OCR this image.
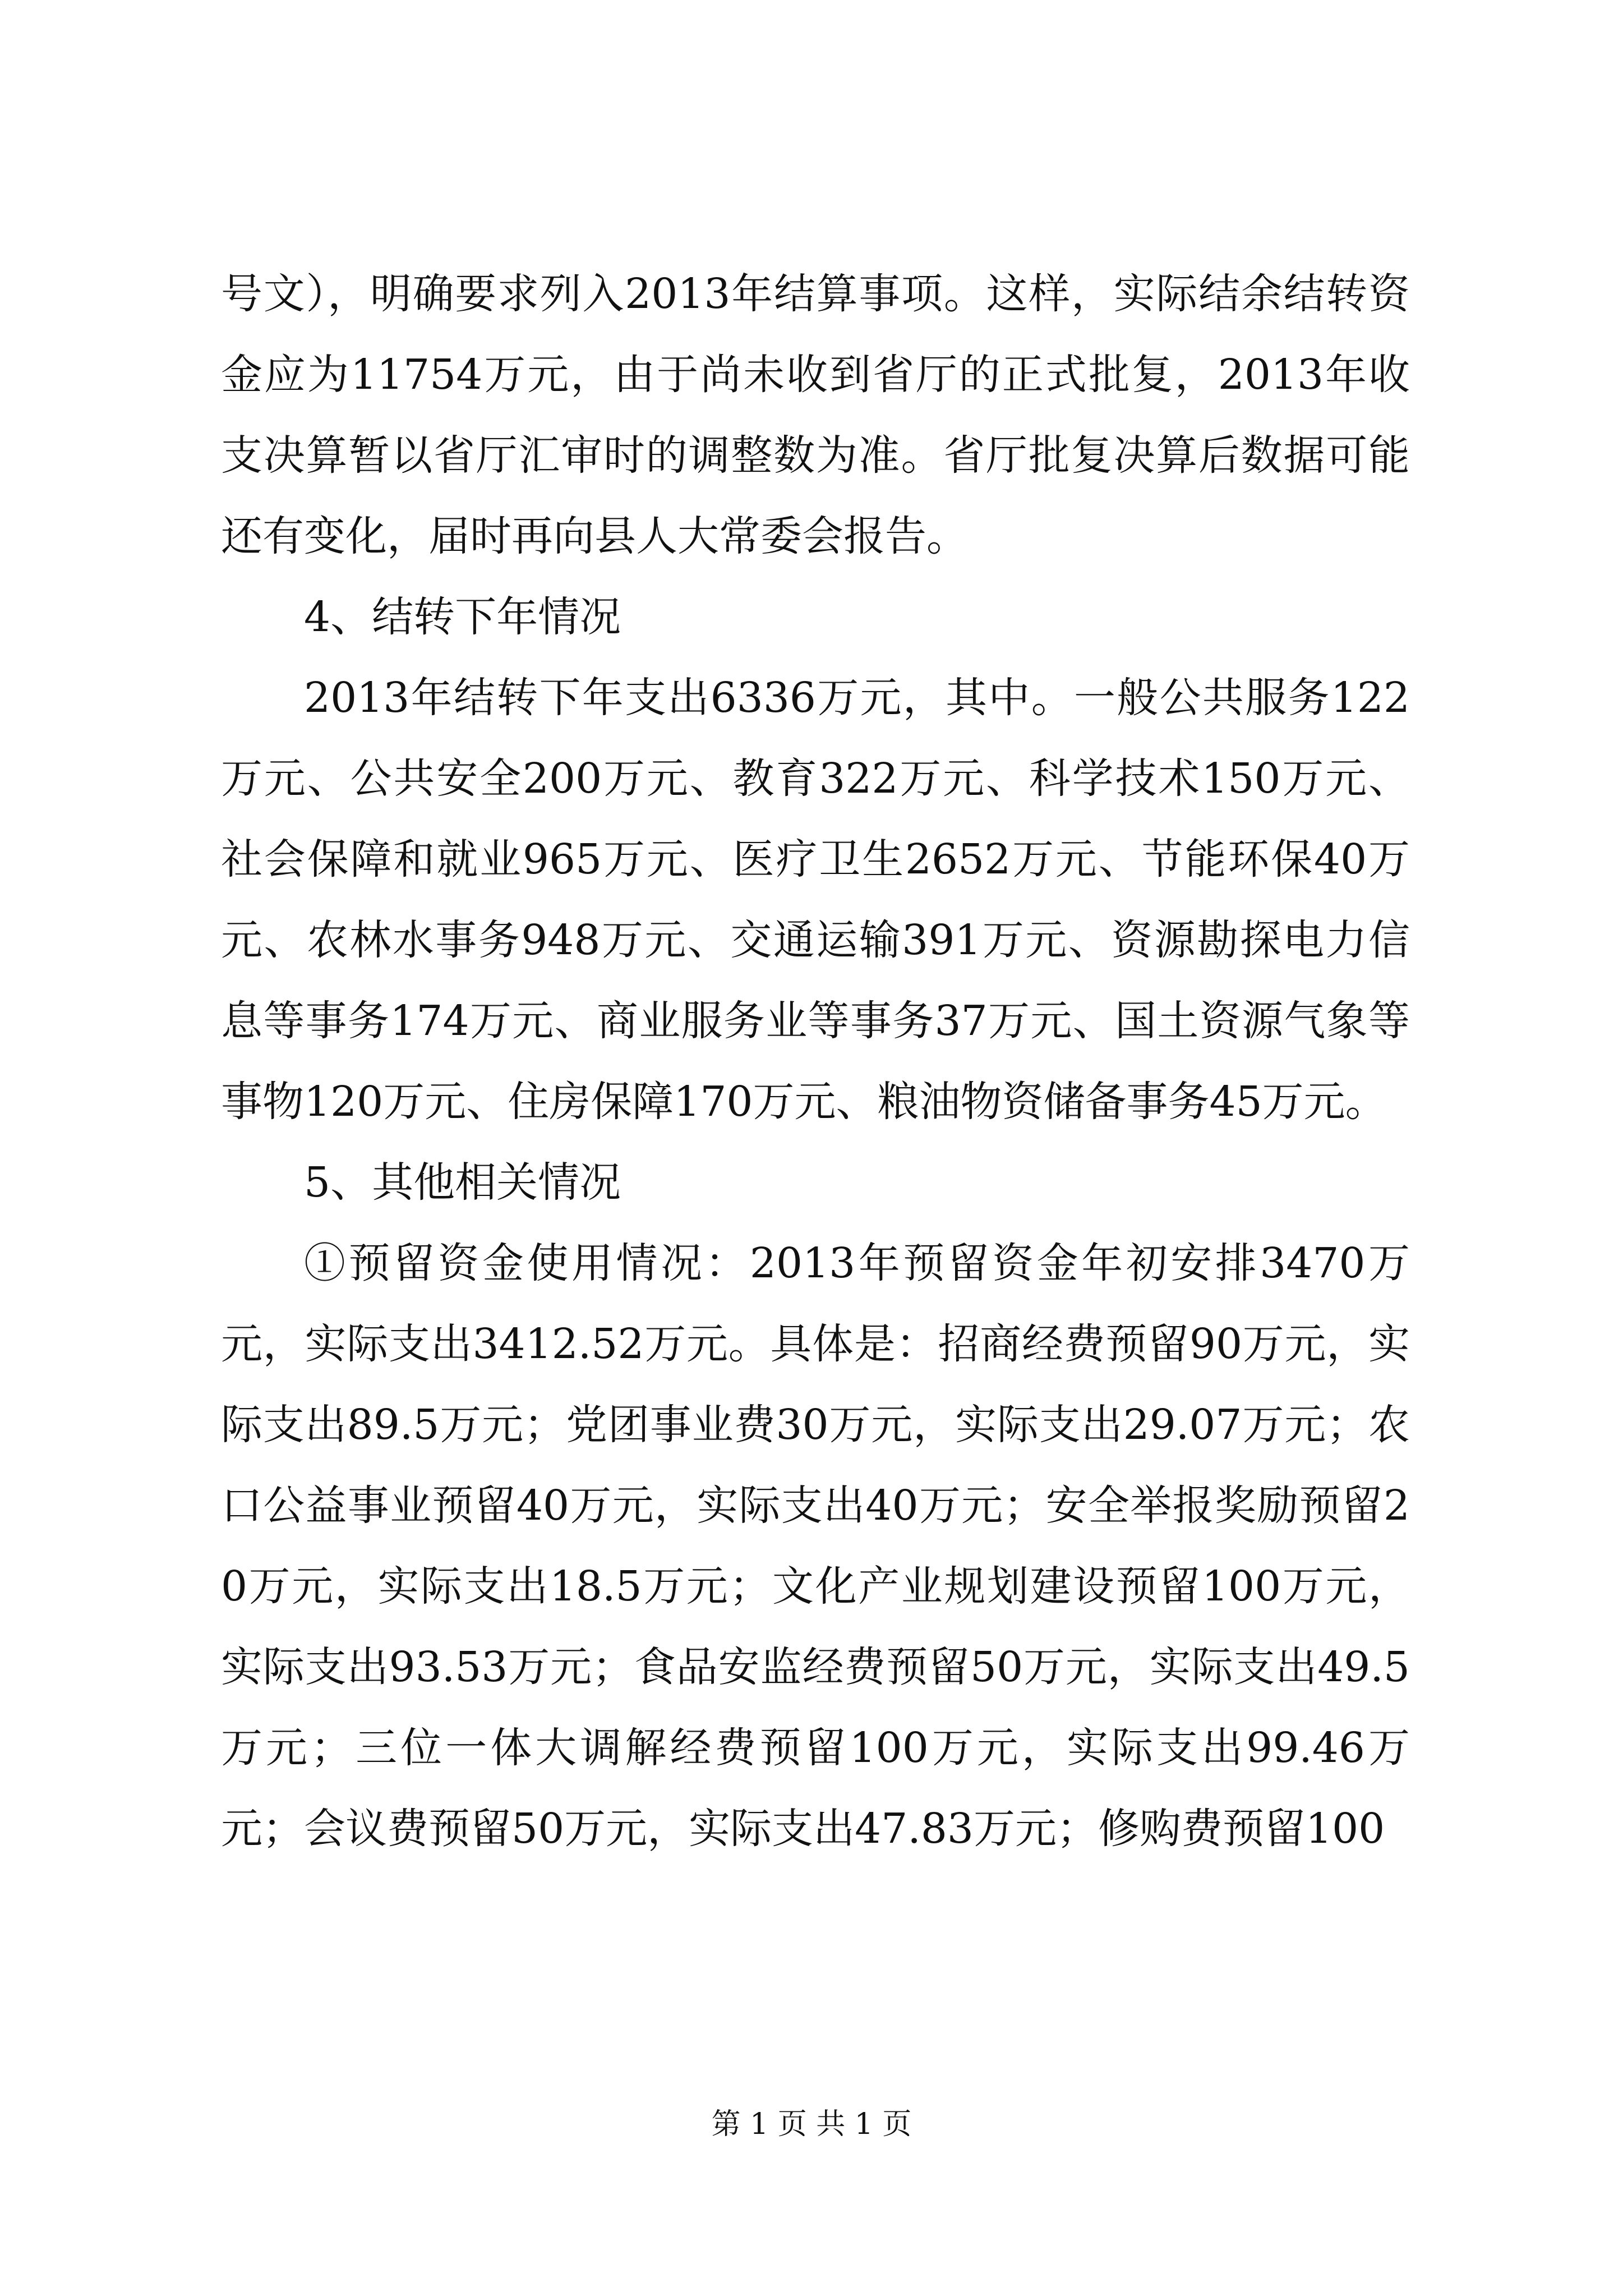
号文），明确要求列入2013年结算事项。这样，实际结余结转资金应为11754万元，由于尚未收到省厅的正式批复，2013年收支决算暂以省厅汇审时的调整数为准。省厅批复决算后数据可能还有变化，届时再向县人大常委会报告。

4、结转下年情况

2013年结转下年支出6336万元，其中。一般公共服务122万元、公共安全200万元、教育322万元、科学技术150万元、社会保障和就业965万元、医疗卫生2652万元、节能环保40万元、农林水事务948万元、交通运输391万元、资源勘探电力信息等事务174万元、商业服务业等事务37万元、国土资源气象等事物120万元、住房保障170万元、粮油物资储备事务45万元。

5、其他相关情况

①预留资金使用情况：2013年预留资金年初安排3470万元，实际支出3412.52万元。具体是：招商经费预留90万元，实际支出89.5万元；党团事业费30万元，实际支出29.07万元；农口公益事业预留40万元，实际支出40万元；安全举报奖励预留20万元，实际支出18.5万元；文化产业规划建设预留100万元，实际支出93.53万元；食品安监经费预留50万元，实际支出49.5万元；三位一体大调解经费预留100万元，实际支出99.46万元；会议费预留50万元，实际支出47.83万元；修购费预留100

第 1 页 共 1 页
